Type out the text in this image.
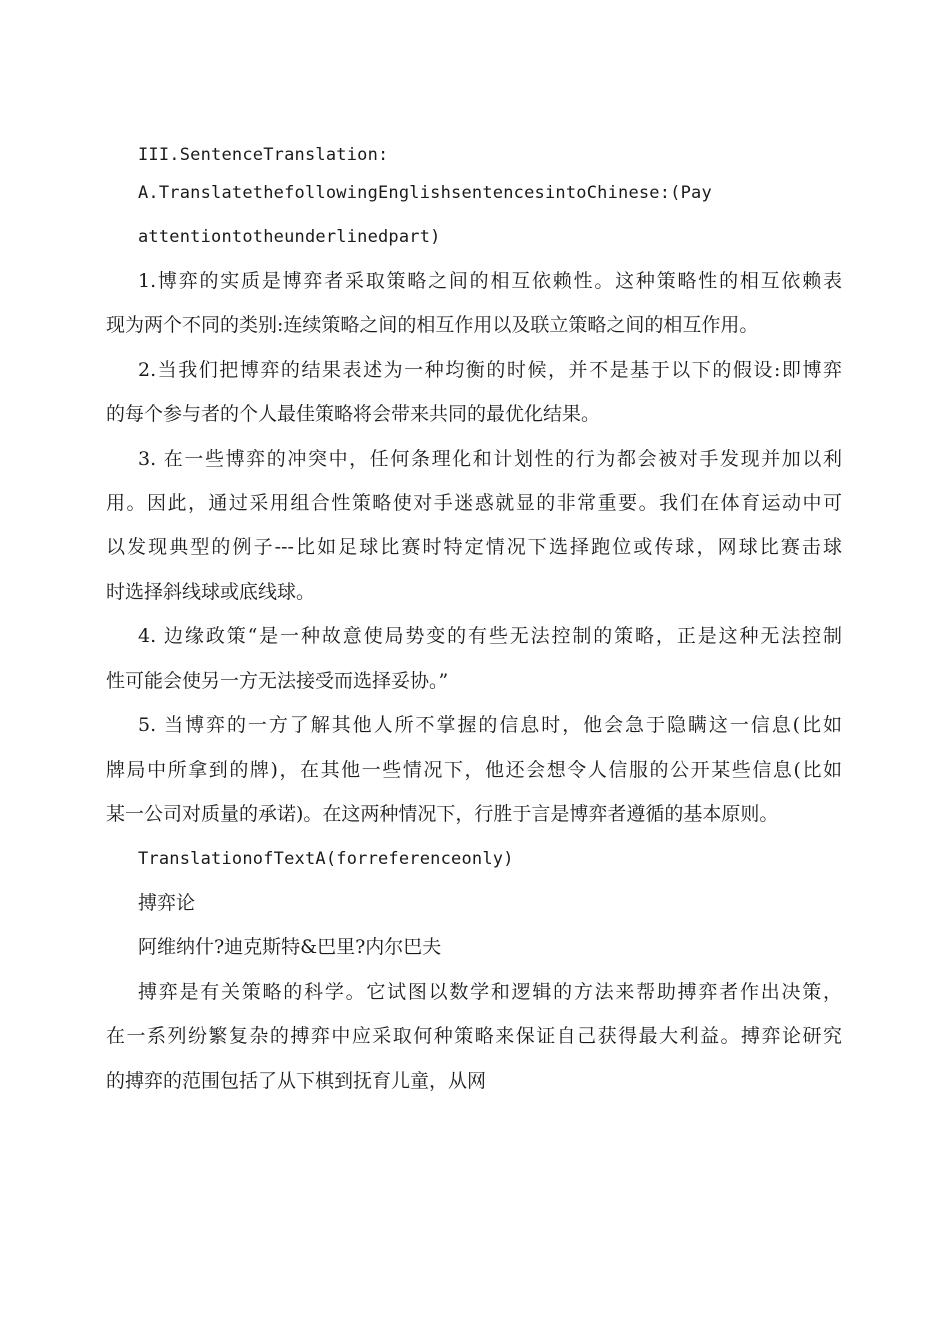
III.SentenceTranslation:

A.TranslatethefollowingEnglishsentencesintoChinese:(Pay

attentiontotheunderlinedpart)

1.博弈的实质是博弈者采取策略之间的相互依赖性。这种策略性的相互依赖表

现为两个不同的类别:连续策略之间的相互作用以及联立策略之间的相互作用。

2.当我们把博弈的结果表述为一种均衡的时候，并不是基于以下的假设:即博弈

的每个参与者的个人最佳策略将会带来共同的最优化结果。

3. 在一些博弈的冲突中，任何条理化和计划性的行为都会被对手发现并加以利

用。因此，通过采用组合性策略使对手迷惑就显的非常重要。我们在体育运动中可

以发现典型的例子---比如足球比赛时特定情况下选择跑位或传球，网球比赛击球

时选择斜线球或底线球。

4. 边缘政策“是一种故意使局势变的有些无法控制的策略，正是这种无法控制

性可能会使另一方无法接受而选择妥协。”

5. 当博弈的一方了解其他人所不掌握的信息时，他会急于隐瞒这一信息(比如

牌局中所拿到的牌)，在其他一些情况下，他还会想令人信服的公开某些信息(比如

某一公司对质量的承诺)。在这两种情况下，行胜于言是博弈者遵循的基本原则。

TranslationofTextA(forreferenceonly)

搏弈论

阿维纳什?迪克斯特&巴里?内尔巴夫

搏弈是有关策略的科学。它试图以数学和逻辑的方法来帮助搏弈者作出决策，

在一系列纷繁复杂的搏弈中应采取何种策略来保证自己获得最大利益。搏弈论研究

的搏弈的范围包括了从下棋到抚育儿童，从网
